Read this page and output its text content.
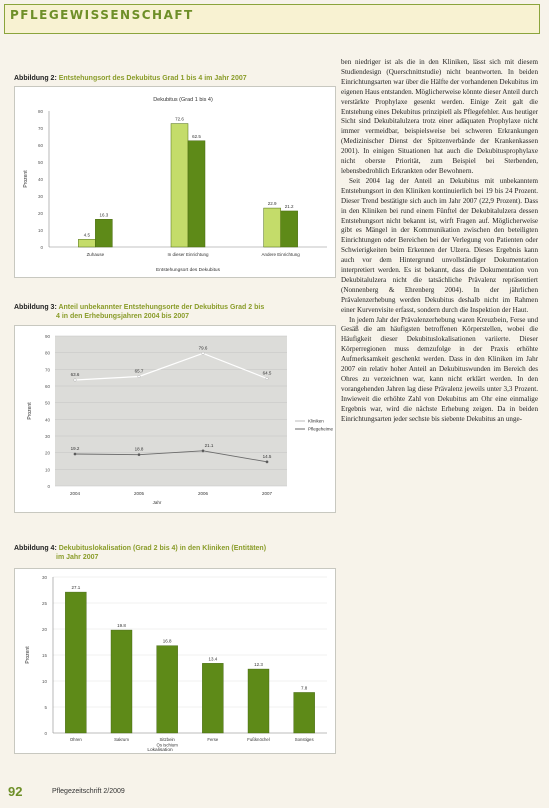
PFLEGEWISSENSCHAFT
Abbildung 2: Entstehungsort des Dekubitus Grad 1 bis 4 im Jahr 2007
Dekubitus (Grad 1 bis 4)
0
10
20
30
40
50
60
70
80
Prozent
Entstehungsort des Dekubitus
4.5
16.3
Zuhause
72.6
62.5
In dieser Einrichtung
22.9
21.2
Andere Einrichtung
Abbildung 3: Anteil unbekannter Entstehungsorte der Dekubitus Grad 2 bis
4 in den Erhebungsjahren 2004 bis 2007
0
10
20
30
40
50
60
70
80
90
Prozent
2004	2005	2006	2007
Jahr
63.6
65.7
79.6
64.5
19.2	18.8
21.1
14.5
Kliniken
Pflegeheime
Abbildung 4: Dekubituslokalisation (Grad 2 bis 4) in den Kliniken (Entitäten)
im Jahr 2007
0
5
10
15
20
25
30
Prozent
Lokalisation
27.1
Ohren
19.8
Sakrum
16.8
Sitzbein
Os ischium
13.4
Ferse
12.3
Fußknöchel
7.8
Sonstiges

ben niedriger ist als die in den Kliniken, lässt sich mit diesem Studiendesign (Querschnittstudie) nicht beantworten. In beiden Einrichtungsarten war über die Hälfte der vorhandenen Dekubitus im eigenen Haus entstanden. Möglicherweise könnte dieser Anteil durch verstärkte Prophylaxe gesenkt werden. Einige Zeit galt die Entstehung eines Dekubitus prinzipiell als Pflegefehler. Aus heutiger Sicht sind Dekubitalulzera trotz einer adäquaten Prophylaxe nicht immer vermeidbar, beispielsweise bei schweren Erkrankungen (Medizinischer Dienst der Spitzenverbände der Krankenkassen 2001). In einigen Situationen hat auch die Dekubitusprophylaxe nicht oberste Priorität, zum Beispiel bei Sterbenden, lebensbedrohlich Erkrankten oder Bewohnern.

Seit 2004 lag der Anteil an Dekubitus mit unbekanntem Entstehungsort in den Kliniken kontinuierlich bei 19 bis 24 Prozent. Dieser Trend bestätigte sich auch im Jahr 2007 (22,9 Prozent). Dass in den Kliniken bei rund einem Fünftel der Dekubitalulzera dessen Entstehungsort nicht bekannt ist, wirft Fragen auf. Möglicherweise gibt es Mängel in der Kommunikation zwischen den beteiligten Einrichtungen oder Bereichen bei der Verlegung von Patienten oder Schwierigkeiten beim Erkennen der Ulzera. Dieses Ergebnis kann auch vor dem Hintergrund unvollständiger Dokumentation interpretiert werden. Es ist bekannt, dass die Dokumentation von Dekubitalulzera nicht die tatsächliche Prävalenz repräsentiert (Nonnenberg & Ehrenberg 2004). In der jährlichen Prävalenzerhebung werden Dekubitus deshalb nicht im Rahmen einer Kurvenvisite erfasst, sondern durch die Inspektion der Haut.

In jedem Jahr der Prävalenzerhebung waren Kreuzbein, Ferse und Gesäß die am häufigsten betroffenen Körperstellen, wobei die Häufigkeit dieser Dekubituslokalisationen variierte. Dieser Körperregionen muss demzufolge in der Praxis erhöhte Aufmerksamkeit geschenkt werden. Dass in den Kliniken im Jahr 2007 ein relativ hoher Anteil an Dekubituswunden im Bereich des Ohres zu verzeichnen war, kann nicht erklärt werden. In den vorangehenden Jahren lag diese Prävalenz jeweils unter 3,3 Prozent. Inwieweit die erhöhte Zahl von Dekubitus am Ohr eine einmalige Ergebnis war, wird die nächste Erhebung zeigen. Da in beiden Einrichtungsarten jeder sechste bis siebente Dekubitus an unge-

92	Pflegezeitschrift 2/2009
